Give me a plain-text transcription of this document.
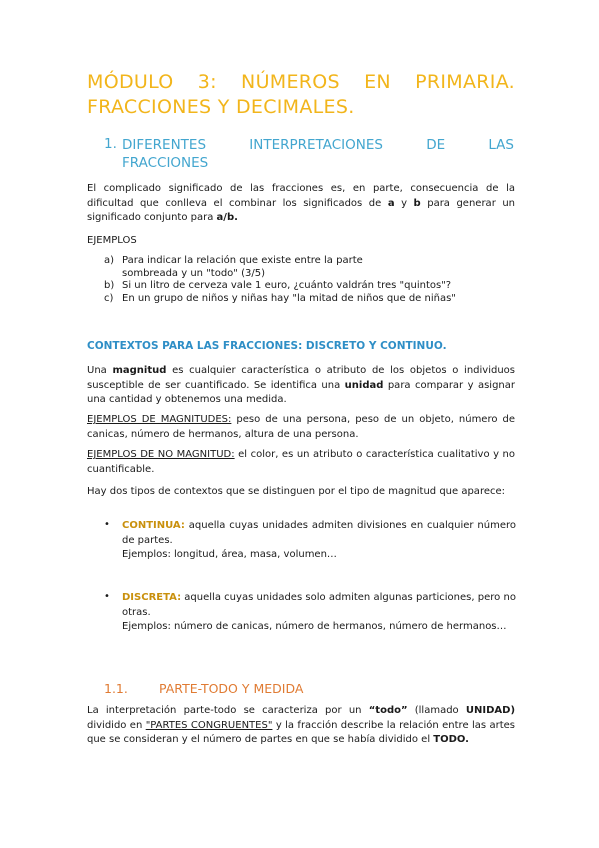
MÓDULO 3: NÚMEROS EN PRIMARIA.

FRACCIONES Y DECIMALES.
1. DIFERENTES	INTERPRETACIONES	DE	LAS
FRACCIONES

El complicado significado de las fracciones es, en parte, consecuencia de la dificultad que conlleva el combinar los significados de a y b para generar un significado conjunto para a/b.

EJEMPLOS
a) Para indicar la relación que existe entre la parte sombreada y un "todo" (3/5)
b) Si un litro de cerveza vale 1 euro, ¿cuánto valdrán tres "quintos"?
c) En un grupo de niños y niñas hay "la mitad de niños que de niñas"
CONTEXTOS PARA LAS FRACCIONES: DISCRETO Y CONTINUO.

Una magnitud es cualquier característica o atributo de los objetos o individuos susceptible de ser cuantificado. Se identifica una unidad para comparar y asignar una cantidad y obtenemos una medida.

EJEMPLOS DE MAGNITUDES: peso de una persona, peso de un objeto, número de canicas, número de hermanos, altura de una persona.

EJEMPLOS DE NO MAGNITUD: el color, es un atributo o característica cualitativo y no cuantificable.

Hay dos tipos de contextos que se distinguen por el tipo de magnitud que aparece:

•	CONTINUA: aquella cuyas unidades admiten divisiones en cualquier número de partes.

Ejemplos: longitud, área, masa, volumen…

•	DISCRETA: aquella cuyas unidades solo admiten algunas particiones, pero no otras.

Ejemplos: número de canicas, número de hermanos, número de hermanos…

1.1. PARTE-TODO Y MEDIDA

La interpretación parte-todo se caracteriza por un “todo” (llamado UNIDAD) dividido en "PARTES CONGRUENTES" y la fracción describe la relación entre las artes que se consideran y el número de partes en que se había dividido el TODO.
